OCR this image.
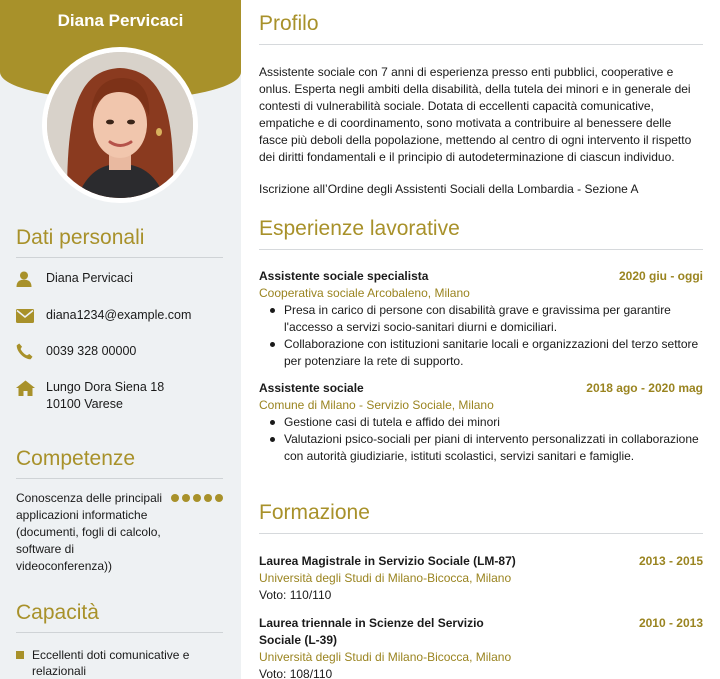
Diana Pervicaci
Dati personali
Diana Pervicaci
diana1234@example.com
0039 328 00000
Lungo Dora Siena 18
10100 Varese
Competenze
Conoscenza delle principali applicazioni informatiche (documenti, fogli di calcolo, software di videoconferenza))
Capacità
Eccellenti doti comunicative e relazionali
Profilo

Assistente sociale con 7 anni di esperienza presso enti pubblici, cooperative e onlus. Esperta negli ambiti della disabilità, della tutela dei minori e in generale dei contesti di vulnerabilità sociale. Dotata di eccellenti capacità comunicative, empatiche e di coordinamento, sono motivata a contribuire al benessere delle fasce più deboli della popolazione, mettendo al centro di ogni intervento il rispetto dei diritti fondamentali e il principio di autodeterminazione di ciascun individuo.

Iscrizione all’Ordine degli Assistenti Sociali della Lombardia - Sezione A

Esperienze lavorative
Assistente sociale specialista	2020 giu - oggi
Cooperativa sociale Arcobaleno, Milano
Presa in carico di persone con disabilità grave e gravissima per garantire l'accesso a servizi socio-sanitari diurni e domiciliari.
Collaborazione con istituzioni sanitarie locali e organizzazioni del terzo settore per potenziare la rete di supporto.
Assistente sociale	2018 ago - 2020 mag
Comune di Milano - Servizio Sociale, Milano
Gestione casi di tutela e affido dei minori
Valutazioni psico-sociali per piani di intervento personalizzati in collaborazione con autorità giudiziarie, istituti scolastici, servizi sanitari e famiglie.
Formazione
Laurea Magistrale in Servizio Sociale (LM-87)	2013 - 2015
Università degli Studi di Milano-Bicocca, Milano
Voto: 110/110
Laurea triennale in Scienze del Servizio Sociale (L-39)
2010 - 2013
Università degli Studi di Milano-Bicocca, Milano
Voto: 108/110
